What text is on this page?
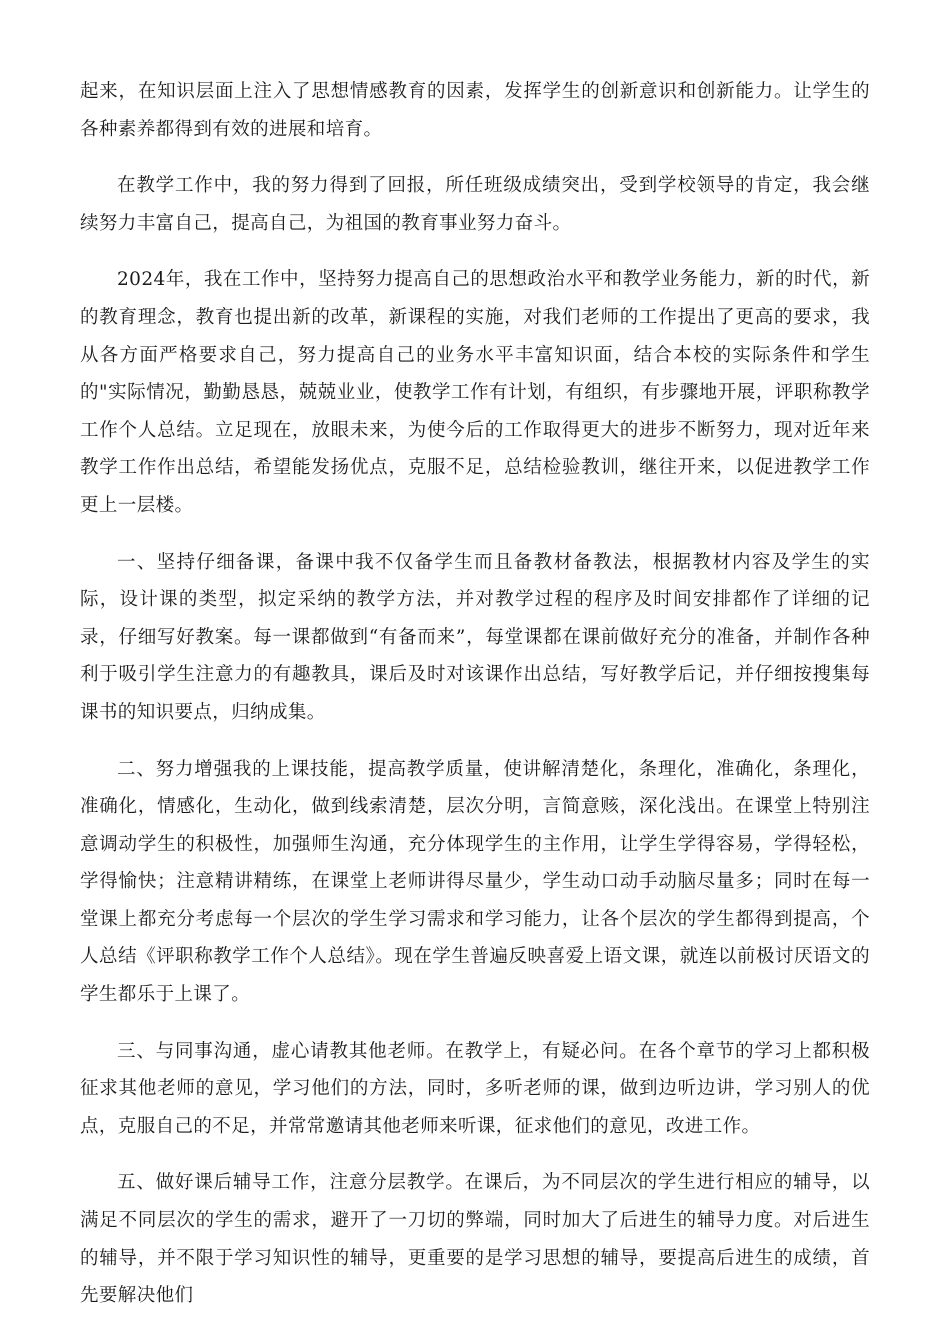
起来，在知识层面上注入了思想情感教育的因素，发挥学生的创新意识和创新能力。让学生的各种素养都得到有效的进展和培育。

在教学工作中，我的努力得到了回报，所任班级成绩突出，受到学校领导的肯定，我会继续努力丰富自己，提高自己，为祖国的教育事业努力奋斗。

2024年，我在工作中，坚持努力提高自己的思想政治水平和教学业务能力，新的时代，新的教育理念，教育也提出新的改革，新课程的实施，对我们老师的工作提出了更高的要求，我从各方面严格要求自己，努力提高自己的业务水平丰富知识面，结合本校的实际条件和学生的"实际情况，勤勤恳恳，兢兢业业，使教学工作有计划，有组织，有步骤地开展，评职称教学工作个人总结。立足现在，放眼未来，为使今后的工作取得更大的进步不断努力，现对近年来教学工作作出总结，希望能发扬优点，克服不足，总结检验教训，继往开来，以促进教学工作更上一层楼。

一、坚持仔细备课，备课中我不仅备学生而且备教材备教法，根据教材内容及学生的实际，设计课的类型，拟定采纳的教学方法，并对教学过程的程序及时间安排都作了详细的记录，仔细写好教案。每一课都做到“有备而来”，每堂课都在课前做好充分的准备，并制作各种利于吸引学生注意力的有趣教具，课后及时对该课作出总结，写好教学后记，并仔细按搜集每课书的知识要点，归纳成集。

二、努力增强我的上课技能，提高教学质量，使讲解清楚化，条理化，准确化，条理化，准确化，情感化，生动化，做到线索清楚，层次分明，言简意赅，深化浅出。在课堂上特别注意调动学生的积极性，加强师生沟通，充分体现学生的主作用，让学生学得容易，学得轻松，学得愉快；注意精讲精练，在课堂上老师讲得尽量少，学生动口动手动脑尽量多；同时在每一堂课上都充分考虑每一个层次的学生学习需求和学习能力，让各个层次的学生都得到提高，个人总结《评职称教学工作个人总结》。现在学生普遍反映喜爱上语文课，就连以前极讨厌语文的学生都乐于上课了。

三、与同事沟通，虚心请教其他老师。在教学上，有疑必问。在各个章节的学习上都积极征求其他老师的意见，学习他们的方法，同时，多听老师的课，做到边听边讲，学习别人的优点，克服自己的不足，并常常邀请其他老师来听课，征求他们的意见，改进工作。

五、做好课后辅导工作，注意分层教学。在课后，为不同层次的学生进行相应的辅导，以满足不同层次的学生的需求，避开了一刀切的弊端，同时加大了后进生的辅导力度。对后进生的辅导，并不限于学习知识性的辅导，更重要的是学习思想的辅导，要提高后进生的成绩，首先要解决他们
